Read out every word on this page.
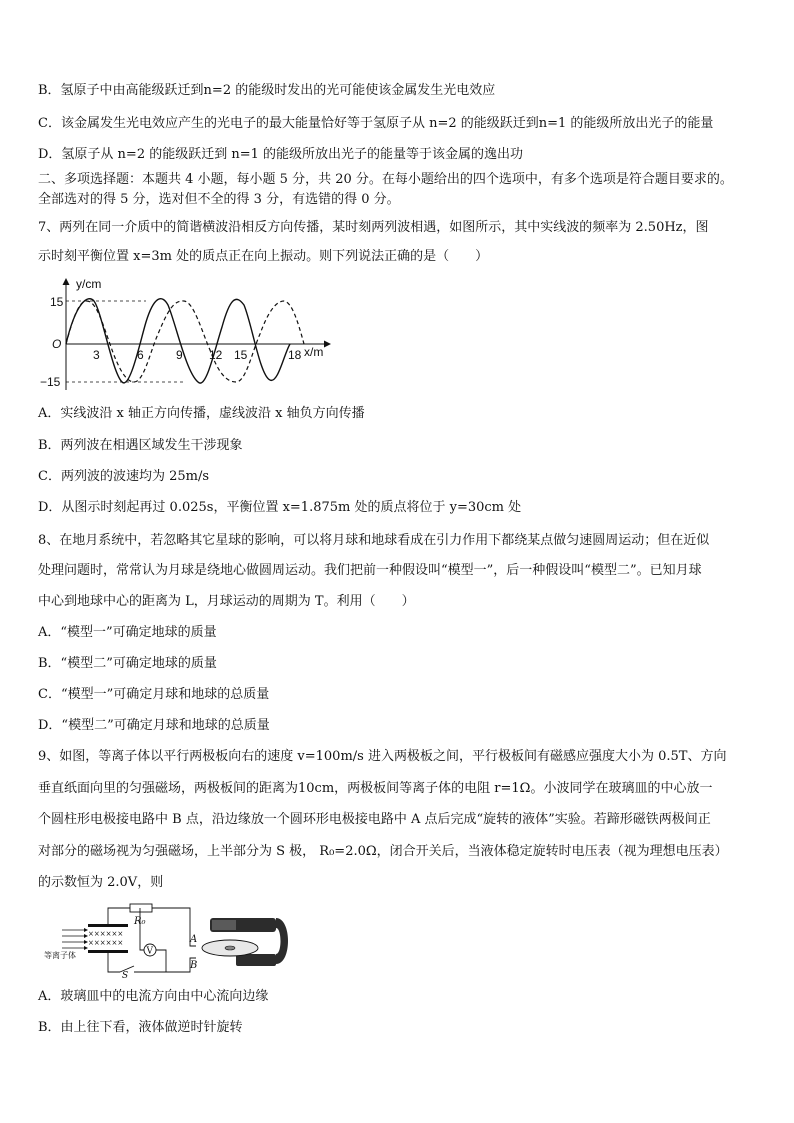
B．氢原子中由高能级跃迁到n=2 的能级时发出的光可能使该金属发生光电效应
C．该金属发生光电效应产生的光电子的最大能量恰好等于氢原子从 n=2 的能级跃迁到n=1 的能级所放出光子的能量
D．氢原子从 n=2 的能级跃迁到 n=1 的能级所放出光子的能量等于该金属的逸出功
二、多项选择题：本题共 4 小题，每小题 5 分，共 20 分。在每小题给出的四个选项中，有多个选项是符合题目要求的。
全部选对的得 5 分，选对但不全的得 3 分，有选错的得 0 分。
7、两列在同一介质中的简谐横波沿相反方向传播，某时刻两列波相遇，如图所示，其中实线波的频率为 2.50Hz，图
示时刻平衡位置 x=3m 处的质点正在向上振动。则下列说法正确的是（　　）
y/cm
x/m
O
15
−15
3	6	9 12 15	18
A．实线波沿 x 轴正方向传播，虚线波沿 x 轴负方向传播
B．两列波在相遇区域发生干涉现象
C．两列波的波速均为 25m/s
D．从图示时刻起再过 0.025s，平衡位置 x=1.875m 处的质点将位于 y=30cm 处
8、在地月系统中，若忽略其它星球的影响，可以将月球和地球看成在引力作用下都绕某点做匀速圆周运动；但在近似
处理问题时，常常认为月球是绕地心做圆周运动。我们把前一种假设叫“模型一”，后一种假设叫“模型二”。已知月球
中心到地球中心的距离为 L，月球运动的周期为 T。利用（　　）
A．“模型一”可确定地球的质量
B．“模型二”可确定地球的质量
C．“模型一”可确定月球和地球的总质量
D．“模型二”可确定月球和地球的总质量
9、如图，等离子体以平行两极板向右的速度 v=100m/s 进入两极板之间，平行极板间有磁感应强度大小为 0.5T、方向
垂直纸面向里的匀强磁场，两极板间的距离为10cm，两极板间等离子体的电阻 r=1Ω。小波同学在玻璃皿的中心放一
个圆柱形电极接电路中 B 点，沿边缘放一个圆环形电极接电路中 A 点后完成“旋转的液体”实验。若蹄形磁铁两极间正
对部分的磁场视为匀强磁场，上半部分为 S 极， R₀=2.0Ω，闭合开关后，当液体稳定旋转时电压表（视为理想电压表）
的示数恒为 2.0V，则
等离子体
××××××
××××××
R₀
S
V
A
B
A．玻璃皿中的电流方向由中心流向边缘
B．由上往下看，液体做逆时针旋转
